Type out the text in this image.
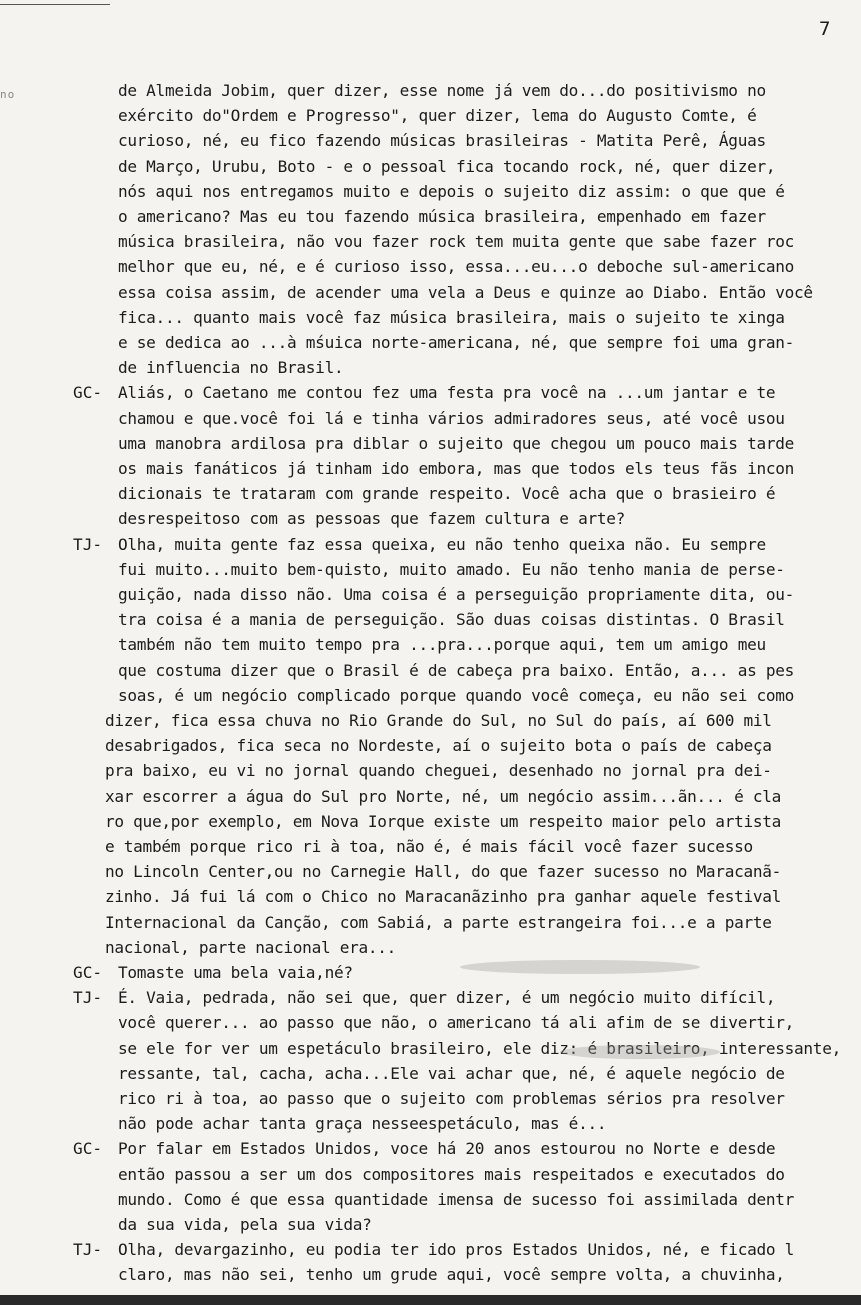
7
no	de Almeida Jobim, quer dizer, esse nome já vem do...do positivismo no
exército do"Ordem e Progresso", quer dizer, lema do Augusto Comte, é
curioso, né, eu fico fazendo músicas brasileiras - Matita Perê, Águas
de Março, Urubu, Boto - e o pessoal fica tocando rock, né, quer dizer,
nós aqui nos entregamos muito e depois o sujeito diz assim: o que que é
o americano? Mas eu tou fazendo música brasileira, empenhado em fazer
música brasileira, não vou fazer rock tem muita gente que sabe fazer roc
melhor que eu, né, e é curioso isso, essa...eu...o deboche sul-americano
essa coisa assim, de acender uma vela a Deus e quinze ao Diabo. Então você
fica... quanto mais você faz música brasileira, mais o sujeito te xinga
e se dedica ao ...à mśuica norte-americana, né, que sempre foi uma gran-
de influencia no Brasil.
GC- Aliás, o Caetano me contou fez uma festa pra você na ...um jantar e te
chamou e que.você foi lá e tinha vários admiradores seus, até você usou
uma manobra ardilosa pra diblar o sujeito que chegou um pouco mais tarde
os mais fanáticos já tinham ido embora, mas que todos els teus fãs incon
dicionais te trataram com grande respeito. Você acha que o brasieiro é
desrespeitoso com as pessoas que fazem cultura e arte?
TJ- Olha, muita gente faz essa queixa, eu não tenho queixa não. Eu sempre
fui muito...muito bem-quisto, muito amado. Eu não tenho mania de perse-
guição, nada disso não. Uma coisa é a perseguição propriamente dita, ou-
tra coisa é a mania de perseguição. São duas coisas distintas. O Brasil
também não tem muito tempo pra ...pra...porque aqui, tem um amigo meu
que costuma dizer que o Brasil é de cabeça pra baixo. Então, a... as pes
soas, é um negócio complicado porque quando você começa, eu não sei como
dizer, fica essa chuva no Rio Grande do Sul, no Sul do país, aí 600 mil
desabrigados, fica seca no Nordeste, aí o sujeito bota o país de cabeça
pra baixo, eu vi no jornal quando cheguei, desenhado no jornal pra dei-
xar escorrer a água do Sul pro Norte, né, um negócio assim...ãn... é cla
ro que,por exemplo, em Nova Iorque existe um respeito maior pelo artista
e também porque rico ri à toa, não é, é mais fácil você fazer sucesso
no Lincoln Center,ou no Carnegie Hall, do que fazer sucesso no Maracanã-
zinho. Já fui lá com o Chico no Maracanãzinho pra ganhar aquele festival
Internacional da Canção, com Sabiá, a parte estrangeira foi...e a parte
nacional, parte nacional era...
GC- Tomaste uma bela vaia,né?
TJ- É. Vaia, pedrada, não sei que, quer dizer, é um negócio muito difícil,
você querer... ao passo que não, o americano tá ali afim de se divertir,
se ele for ver um espetáculo brasileiro, ele diz: é brasileiro, interessante,
ressante, tal, cacha, acha...Ele vai achar que, né, é aquele negócio de
rico ri à toa, ao passo que o sujeito com problemas sérios pra resolver
não pode achar tanta graça nesseespetáculo, mas é...
GC- Por falar em Estados Unidos, voce há 20 anos estourou no Norte e desde
então passou a ser um dos compositores mais respeitados e executados do
mundo. Como é que essa quantidade imensa de sucesso foi assimilada dentr
da sua vida, pela sua vida?
TJ- Olha, devargazinho, eu podia ter ido pros Estados Unidos, né, e ficado l
claro, mas não sei, tenho um grude aqui, você sempre volta, a chuvinha,
